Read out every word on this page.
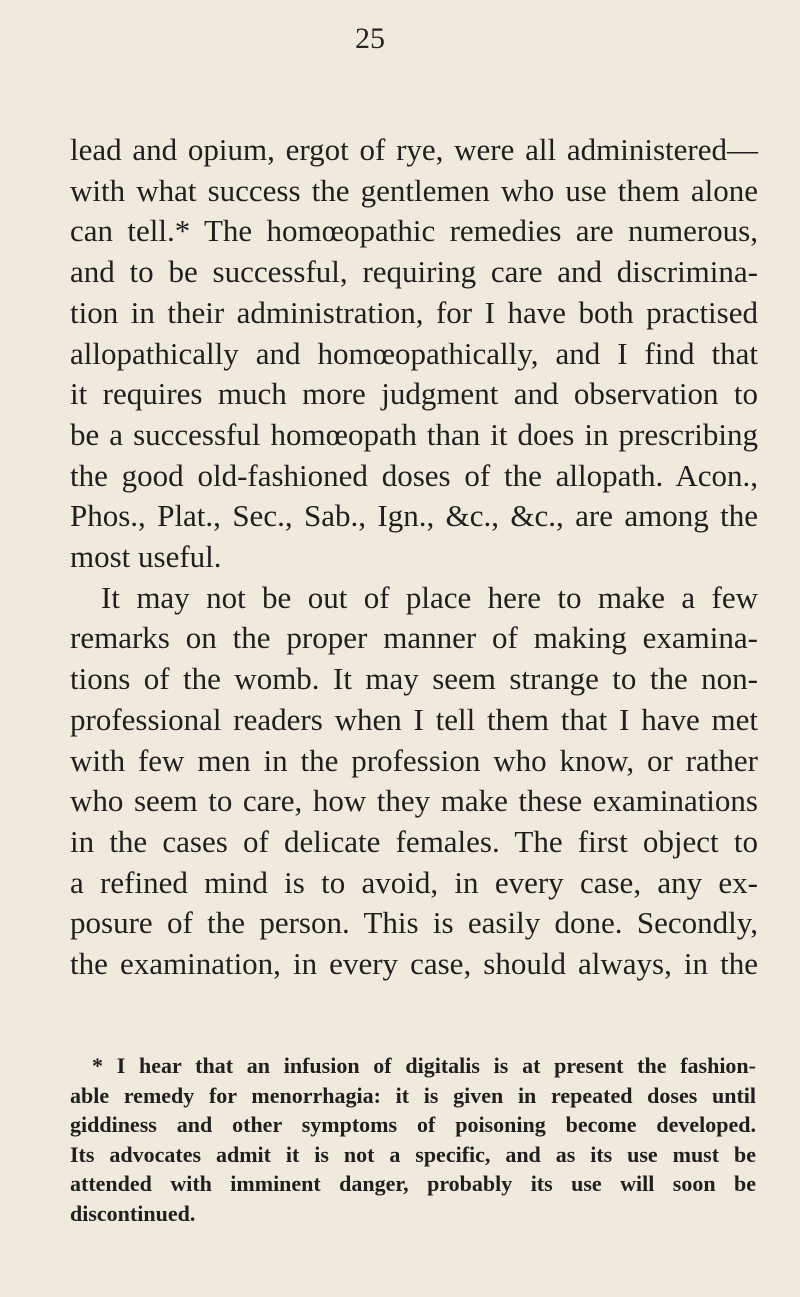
25

lead and opium, ergot of rye, were all administered—
with what success the gentlemen who use them alone
can tell.* The homœopathic remedies are numerous,
and to be successful, requiring care and discrimina-
tion in their administration, for I have both practised
allopathically and homœopathically, and I find that
it requires much more judgment and observation to
be a successful homœopath than it does in prescribing
the good old-fashioned doses of the allopath. Acon.,
Phos., Plat., Sec., Sab., Ign., &c., &c., are among the
most useful.

It may not be out of place here to make a few
remarks on the proper manner of making examina-
tions of the womb. It may seem strange to the non-
professional readers when I tell them that I have met
with few men in the profession who know, or rather
who seem to care, how they make these examinations
in the cases of delicate females. The first object to
a refined mind is to avoid, in every case, any ex-
posure of the person. This is easily done. Secondly,
the examination, in every case, should always, in the

* I hear that an infusion of digitalis is at present the fashion-
able remedy for menorrhagia: it is given in repeated doses until
giddiness and other symptoms of poisoning become developed.
Its advocates admit it is not a specific, and as its use must be
attended with imminent danger, probably its use will soon be
discontinued.
